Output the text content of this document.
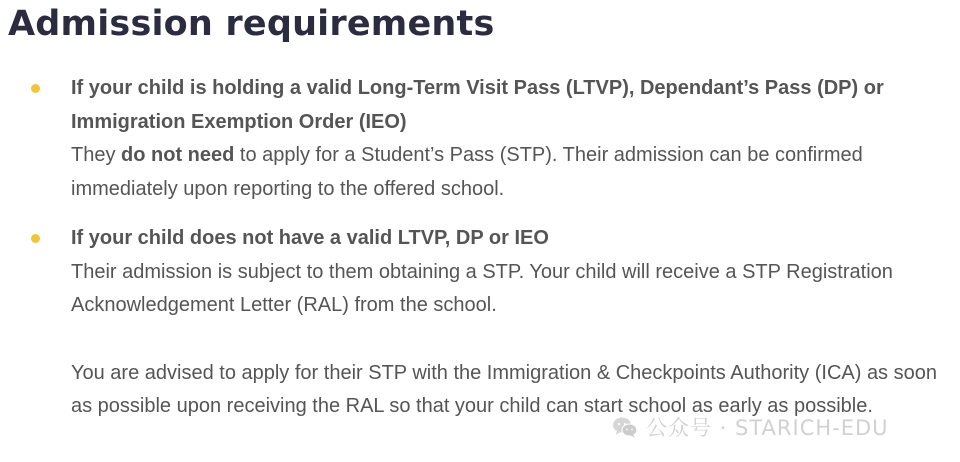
Admission requirements
If your child is holding a valid Long-Term Visit Pass (LTVP), Dependant’s Pass (DP) or Immigration Exemption Order (IEO)
They do not need to apply for a Student’s Pass (STP). Their admission can be confirmed immediately upon reporting to the offered school.
If your child does not have a valid LTVP, DP or IEO
Their admission is subject to them obtaining a STP. Your child will receive a STP Registration Acknowledgement Letter (RAL) from the school.
You are advised to apply for their STP with the Immigration & Checkpoints Authority (ICA) as soon as possible upon receiving the RAL so that your child can start school as early as possible.
公众号 · STARICH-EDU
